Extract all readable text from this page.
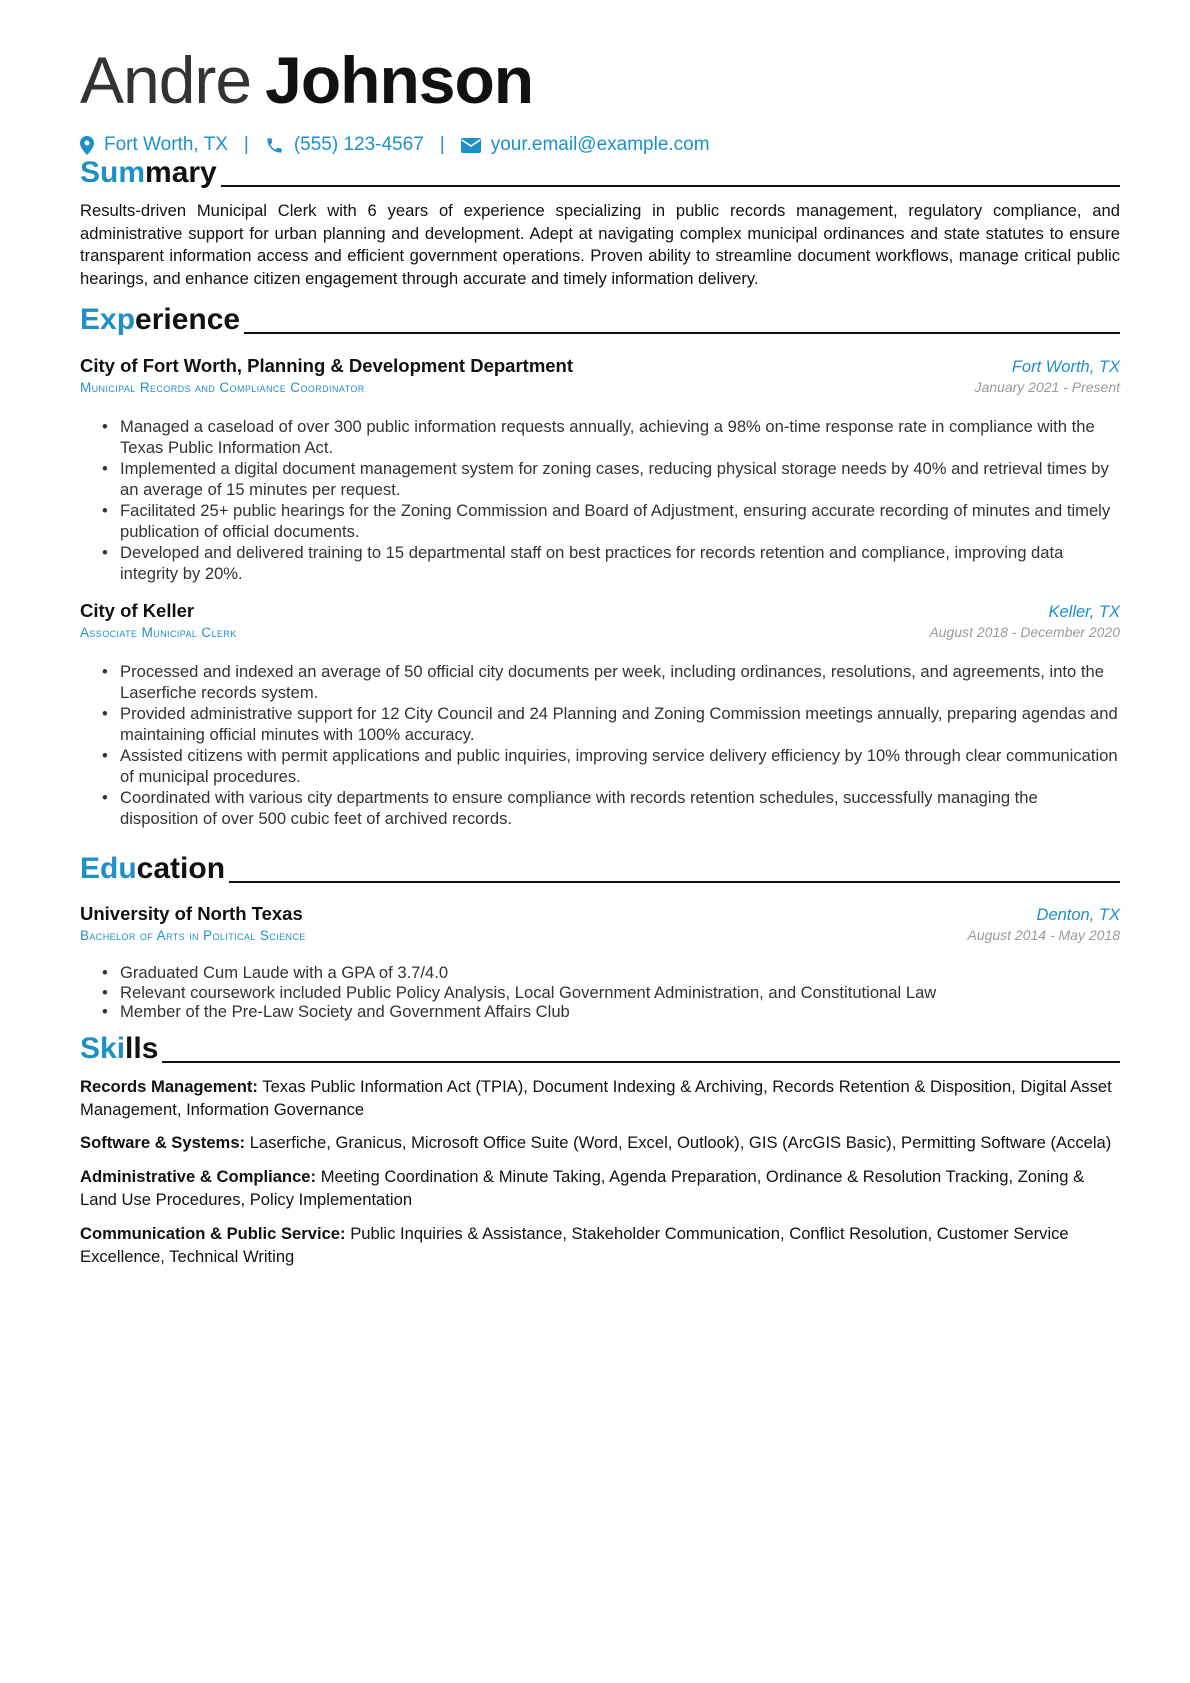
Andre Johnson
Fort Worth, TX | (555) 123-4567 | your.email@example.com
Summary
Results-driven Municipal Clerk with 6 years of experience specializing in public records management, regulatory compliance, and administrative support for urban planning and development. Adept at navigating complex municipal ordinances and state statutes to ensure transparent information access and efficient government operations. Proven ability to streamline document workflows, manage critical public hearings, and enhance citizen engagement through accurate and timely information delivery.
Experience
City of Fort Worth, Planning & Development Department	Fort Worth, TX
Municipal Records and Compliance Coordinator	January 2021 - Present
• Managed a caseload of over 300 public information requests annually, achieving a 98% on-time response rate in compliance with the Texas Public Information Act.
• Implemented a digital document management system for zoning cases, reducing physical storage needs by 40% and retrieval times by an average of 15 minutes per request.
• Facilitated 25+ public hearings for the Zoning Commission and Board of Adjustment, ensuring accurate recording of minutes and timely publication of official documents.
• Developed and delivered training to 15 departmental staff on best practices for records retention and compliance, improving data integrity by 20%.
City of Keller	Keller, TX
Associate Municipal Clerk	August 2018 - December 2020
• Processed and indexed an average of 50 official city documents per week, including ordinances, resolutions, and agreements, into the Laserfiche records system.
• Provided administrative support for 12 City Council and 24 Planning and Zoning Commission meetings annually, preparing agendas and maintaining official minutes with 100% accuracy.
• Assisted citizens with permit applications and public inquiries, improving service delivery efficiency by 10% through clear communication of municipal procedures.
• Coordinated with various city departments to ensure compliance with records retention schedules, successfully managing the disposition of over 500 cubic feet of archived records.
Education
University of North Texas	Denton, TX
Bachelor of Arts in Political Science	August 2014 - May 2018
• Graduated Cum Laude with a GPA of 3.7/4.0
• Relevant coursework included Public Policy Analysis, Local Government Administration, and Constitutional Law
• Member of the Pre-Law Society and Government Affairs Club
Skills
Records Management: Texas Public Information Act (TPIA), Document Indexing & Archiving, Records Retention & Disposition, Digital Asset Management, Information Governance
Software & Systems: Laserfiche, Granicus, Microsoft Office Suite (Word, Excel, Outlook), GIS (ArcGIS Basic), Permitting Software (Accela)
Administrative & Compliance: Meeting Coordination & Minute Taking, Agenda Preparation, Ordinance & Resolution Tracking, Zoning & Land Use Procedures, Policy Implementation
Communication & Public Service: Public Inquiries & Assistance, Stakeholder Communication, Conflict Resolution, Customer Service Excellence, Technical Writing
